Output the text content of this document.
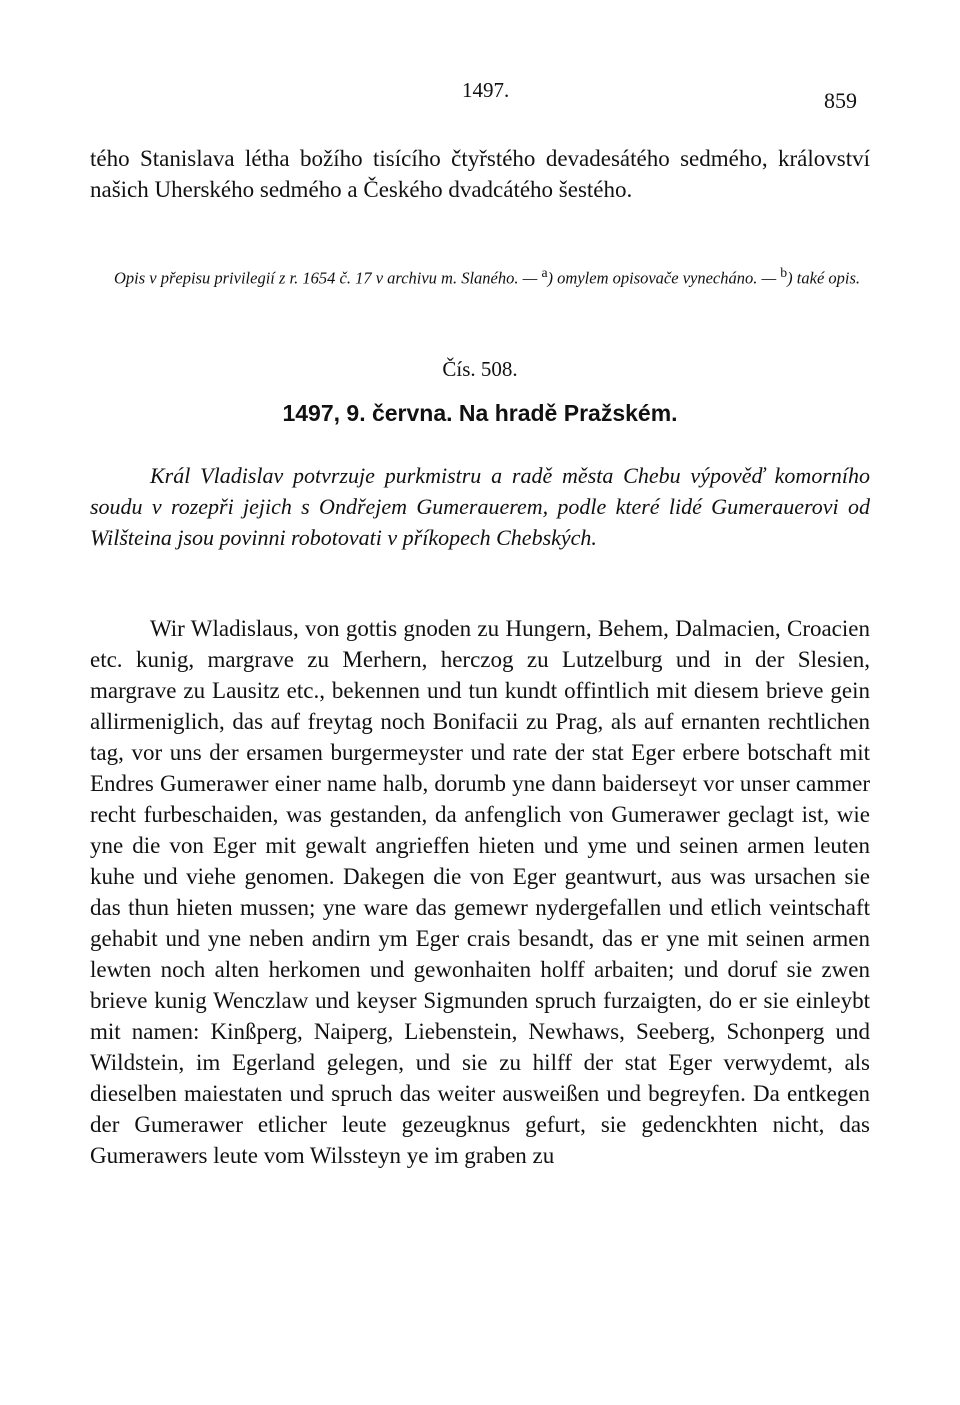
1497.	859

tého Stanislava létha božího tisícího čtyřstého devadesátého sedmého, království našich Uherského sedmého a Českého dvadcátého šestého.

Opis v přepisu privilegií z r. 1654 č. 17 v archivu m. Slaného. — $^a$) omylem opisovače vynecháno. — $^b$) také opis.

Čís. 508.
1497, 9. června. Na hradě Pražském.

Král Vladislav potvrzuje purkmistru a radě města Chebu výpověď komorního soudu v rozepři jejich s Ondřejem Gumerauerem, podle které lidé Gumerauerovi od Wilšteina jsou povinni robotovati v příkopech Chebských.

Wir Wladislaus, von gottis gnoden zu Hungern, Behem, Dalmacien, Croacien etc. kunig, margrave zu Merhern, herczog zu Lutzelburg und in der Slesien, margrave zu Lausitz etc., bekennen und tun kundt offintlich mit diesem brieve gein allirmeniglich, das auf freytag noch Bonifacii zu Prag, als auf ernanten rechtlichen tag, vor uns der ersamen burgermeyster und rate der stat Eger erbere botschaft mit Endres Gumerawer einer name halb, dorumb yne dann baiderseyt vor unser cammer recht furbeschaiden, was gestanden, da anfenglich von Gumerawer geclagt ist, wie yne die von Eger mit gewalt angrieffen hieten und yme und seinen armen leuten kuhe und viehe genomen. Dakegen die von Eger geantwurt, aus was ursachen sie das thun hieten mussen; yne ware das gemewr nydergefallen und etlich veintschaft gehabit und yne neben andirn ym Eger crais besandt, das er yne mit seinen armen lewten noch alten herkomen und gewonhaiten holff arbaiten; und doruf sie zwen brieve kunig Wenczlaw und keyser Sigmunden spruch furzaigten, do er sie einleybt mit namen: Kinßperg, Naiperg, Liebenstein, Newhaws, Seeberg, Schonperg und Wildstein, im Egerland gelegen, und sie zu hilff der stat Eger verwydemt, als dieselben maiestaten und spruch das weiter ausweißen und begreyfen. Da entkegen der Gumerawer etlicher leute gezeugknus gefurt, sie gedenckhten nicht, das Gumerawers leute vom Wilssteyn ye im graben zu
